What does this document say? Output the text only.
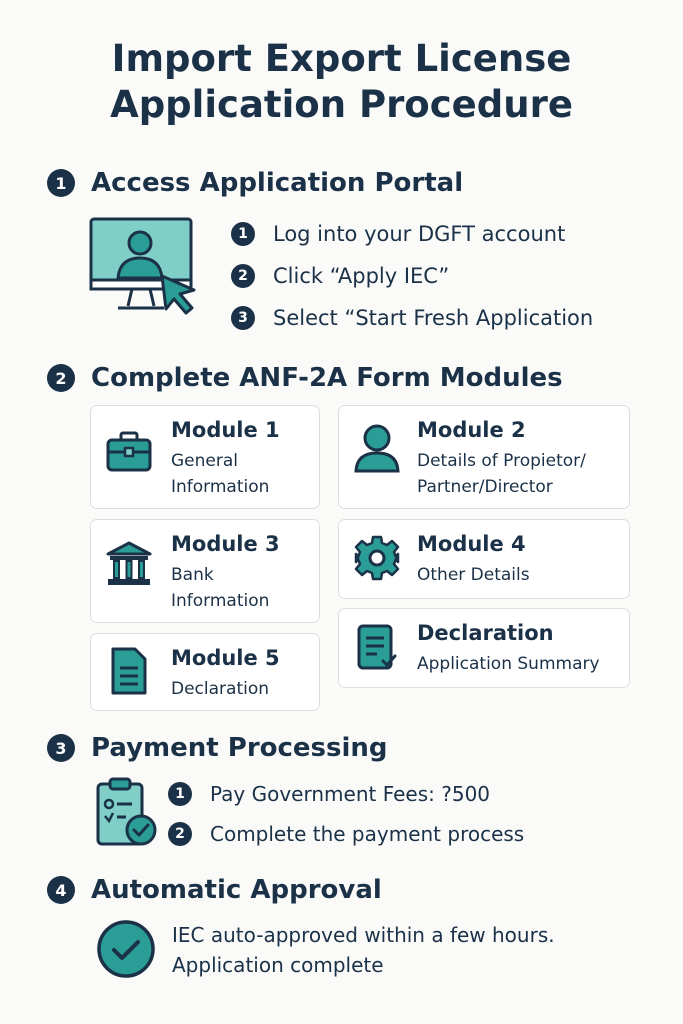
Import Export License
Application Procedure
1 Access Application Portal
1	Log into your DGFT account
2	Click “Apply IEC”
3	Select “Start Fresh Application
2 Complete ANF-2A Form Modules
Module 1
General
Information
Module 2
Details of Propietor/
Partner/Director
Module 3
Bank
Information
Module 4
Other Details
Declaration
Application Summary
Module 5
Declaration
3 Payment Processing
1	Pay Government Fees: ?500
2	Complete the payment process
4 Automatic Approval
IEC auto-approved within a few hours.
Application complete
